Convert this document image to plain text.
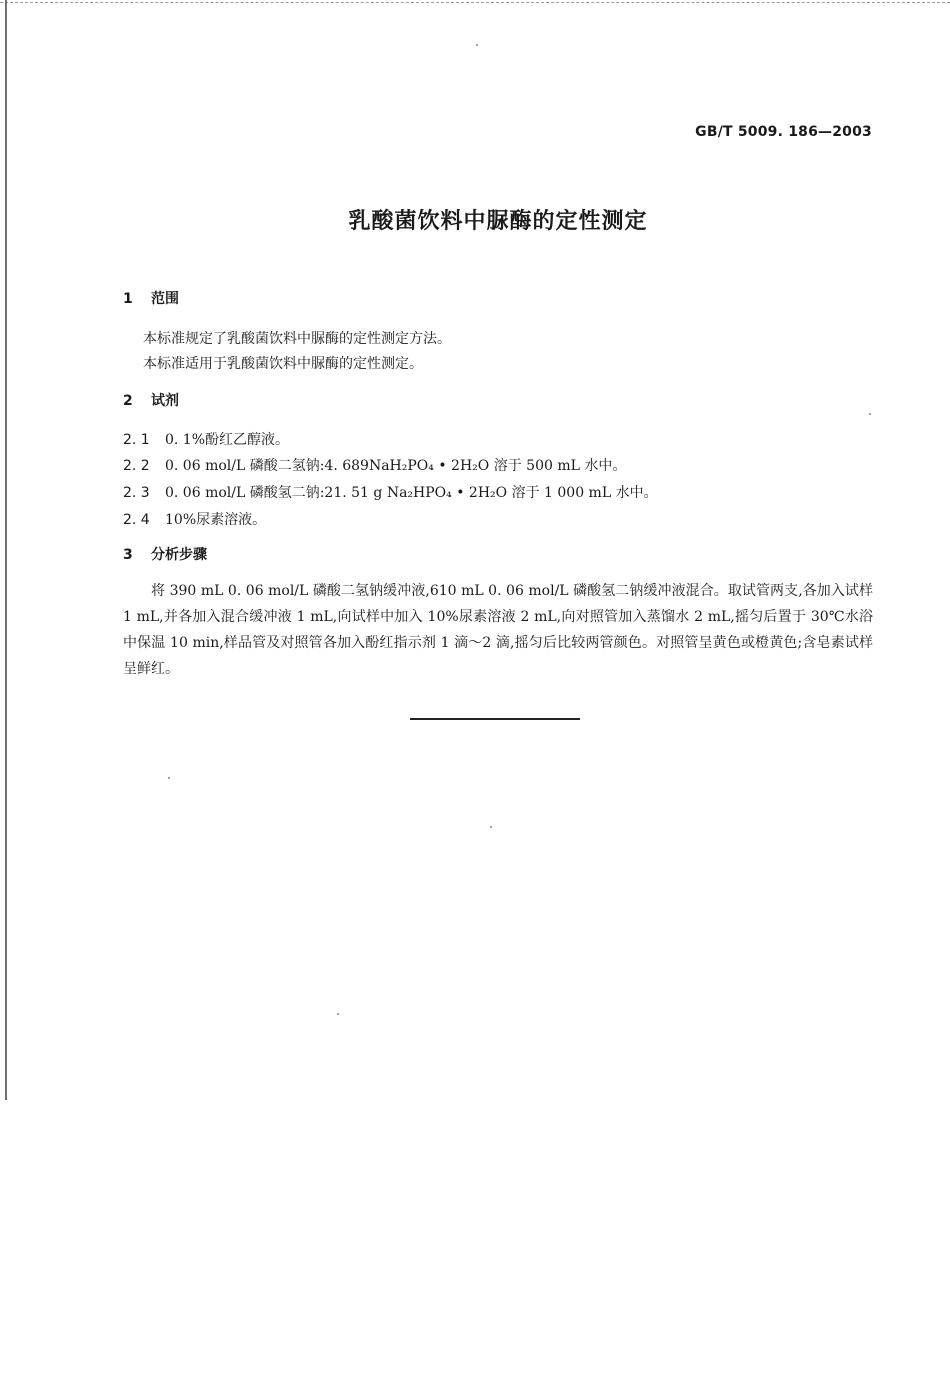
GB/T 5009. 186—2003
乳酸菌饮料中脲酶的定性测定
1 范围
本标准规定了乳酸菌饮料中脲酶的定性测定方法。
本标准适用于乳酸菌饮料中脲酶的定性测定。
2 试剂
2. 1 0. 1%酚红乙醇液。
2. 2 0. 06 mol/L 磷酸二氢钠:4. 689NaH₂PO₄ • 2H₂O 溶于 500 mL 水中。
2. 3 0. 06 mol/L 磷酸氢二钠:21. 51 g Na₂HPO₄ • 2H₂O 溶于 1 000 mL 水中。
2. 4 10%尿素溶液。
3 分析步骤
将 390 mL 0. 06 mol/L 磷酸二氢钠缓冲液,610 mL 0. 06 mol/L 磷酸氢二钠缓冲液混合。取试管两支,各加入试样 1 mL,并各加入混合缓冲液 1 mL,向试样中加入 10%尿素溶液 2 mL,向对照管加入蒸馏水 2 mL,摇匀后置于 30℃水浴中保温 10 min,样品管及对照管各加入酚红指示剂 1 滴～2 滴,摇匀后比较两管颜色。对照管呈黄色或橙黄色;含皂素试样呈鲜红。
